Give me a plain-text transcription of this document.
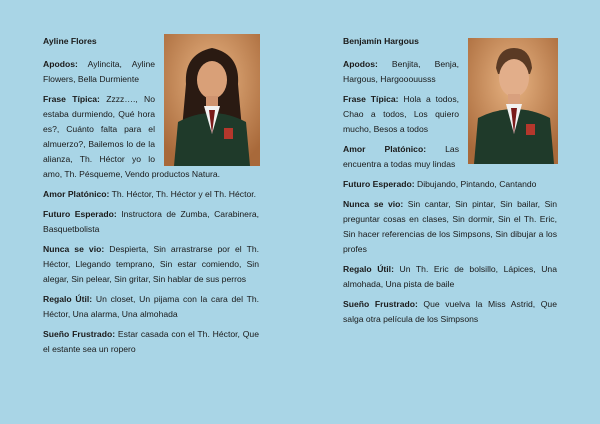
Ayline Flores
Apodos: Aylincita, Ayline Flowers, Bella Durmiente
Frase Típica: Zzzz…., No estaba durmiendo, Qué hora es?, Cuánto falta para el almuerzo?, Bailemos lo de la alianza, Th. Héctor yo lo amo, Th. Pésqueme, Vendo productos Natura.
Amor Platónico: Th. Héctor, Th. Héctor y el Th. Héctor.
Futuro Esperado: Instructora de Zumba, Carabinera, Basquetbolista
Nunca se vio: Despierta, Sin arrastrarse por el Th. Héctor, Llegando temprano, Sin estar comiendo, Sin alegar, Sin pelear, Sin gritar, Sin hablar de sus perros
Regalo Útil: Un closet, Un pijama con la cara del Th. Héctor, Una alarma, Una almohada
Sueño Frustrado: Estar casada con el Th. Héctor, Que el estante sea un ropero
Benjamín Hargous
Apodos: Benjita, Benja, Hargous, Hargooouusss
Frase Típica: Hola a todos, Chao a todos, Los quiero mucho, Besos a todos
Amor Platónico: Las encuentra a todas muy lindas
Futuro Esperado: Dibujando, Pintando, Cantando
Nunca se vio: Sin cantar, Sin pintar, Sin bailar, Sin preguntar cosas en clases, Sin dormir, Sin el Th. Eric, Sin hacer referencias de los Simpsons, Sin dibujar a los profes
Regalo Útil: Un Th. Eric de bolsillo, Lápices, Una almohada, Una pista de baile
Sueño Frustrado: Que vuelva la Miss Astrid, Que salga otra película de los Simpsons
